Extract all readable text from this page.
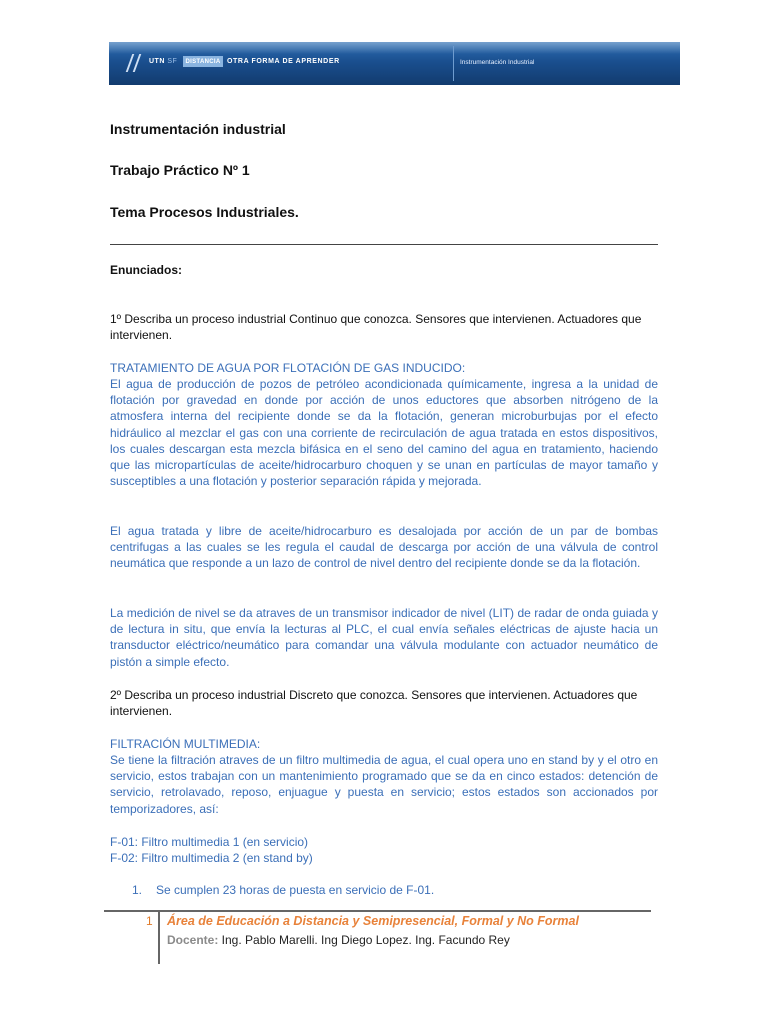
UTN SF	DISTANCIA OTRA FORMA DE APRENDER	Instrumentación Industrial
Instrumentación industrial
Trabajo Práctico Nº 1
Tema Procesos Industriales.
Enunciados:
1º Describa un proceso industrial Continuo que conozca. Sensores que intervienen. Actuadores que intervienen.
TRATAMIENTO DE AGUA POR FLOTACIÓN DE GAS INDUCIDO:
El agua de producción de pozos de petróleo acondicionada químicamente, ingresa a la unidad de flotación por gravedad en donde por acción de unos eductores que absorben nitrógeno de la atmosfera interna del recipiente donde se da la flotación, generan microburbujas por el efecto hidráulico al mezclar el gas con una corriente de recirculación de agua tratada en estos dispositivos, los cuales descargan esta mezcla bifásica en el seno del camino del agua en tratamiento, haciendo que las micropartículas de aceite/hidrocarburo choquen y se unan en partículas de mayor tamaño y susceptibles a una flotación y posterior separación rápida y mejorada.
El agua tratada y libre de aceite/hidrocarburo es desalojada por acción de un par de bombas centrifugas a las cuales se les regula el caudal de descarga por acción de una válvula de control neumática que responde a un lazo de control de nivel dentro del recipiente donde se da la flotación.
La medición de nivel se da atraves de un transmisor indicador de nivel (LIT) de radar de onda guiada y de lectura in situ, que envía la lecturas al PLC, el cual envía señales eléctricas de ajuste hacia un transductor eléctrico/neumático para comandar una válvula modulante con actuador neumático de pistón a simple efecto.
2º Describa un proceso industrial Discreto que conozca. Sensores que intervienen. Actuadores que intervienen.
FILTRACIÓN MULTIMEDIA:
Se tiene la filtración atraves de un filtro multimedia de agua, el cual opera uno en stand by y el otro en servicio, estos trabajan con un mantenimiento programado que se da en cinco estados: detención de servicio, retrolavado, reposo, enjuague y puesta en servicio; estos estados son accionados por temporizadores, así:
F-01: Filtro multimedia 1 (en servicio)
F-02: Filtro multimedia 2 (en stand by)
1. Se cumplen 23 horas de puesta en servicio de F-01.
1 Área de Educación a Distancia y Semipresencial, Formal y No Formal
Docente: Ing. Pablo Marelli. Ing Diego Lopez. Ing. Facundo Rey
